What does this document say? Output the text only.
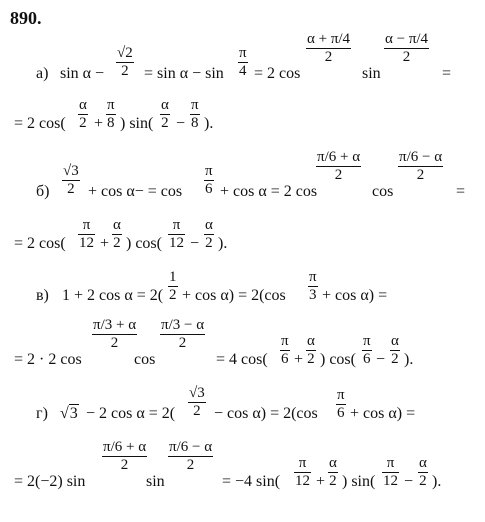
890.
а) sin α −
√2
2 = sin α − sin
π
4 = 2 cos
α + π/4
2
sin
α − π/4
2
=
= 2 cos(
α
2 +
π
8 ) sin(
α
2 −
π
8 ).
б)
√3
2 + cos α− = cos
π
6 + cos α = 2 cos
π/6 + α
2
cos
π/6 − α
2
=
= 2 cos(
π
12 +
α
2 ) cos(
π
12 −
α
2 ).
в) 1 + 2 cos α = 2(
1
2 + cos α) = 2(cos
π
3 + cos α) =
= 2 · 2 cos
π/3 + α
2
cos
π/3 − α
2
= 4 cos(
π
6 +
α
2 ) cos(
π
6 −
α
2 ).
г) √3 − 2 cos α = 2(
√3
2 − cos α) = 2(cos
π
6 + cos α) =
= 2(−2) sin
π/6 + α
2
sin
π/6 − α
2
= −4 sin(
π
12 +
α
2 ) sin(
π
12 −
α
2 ).
